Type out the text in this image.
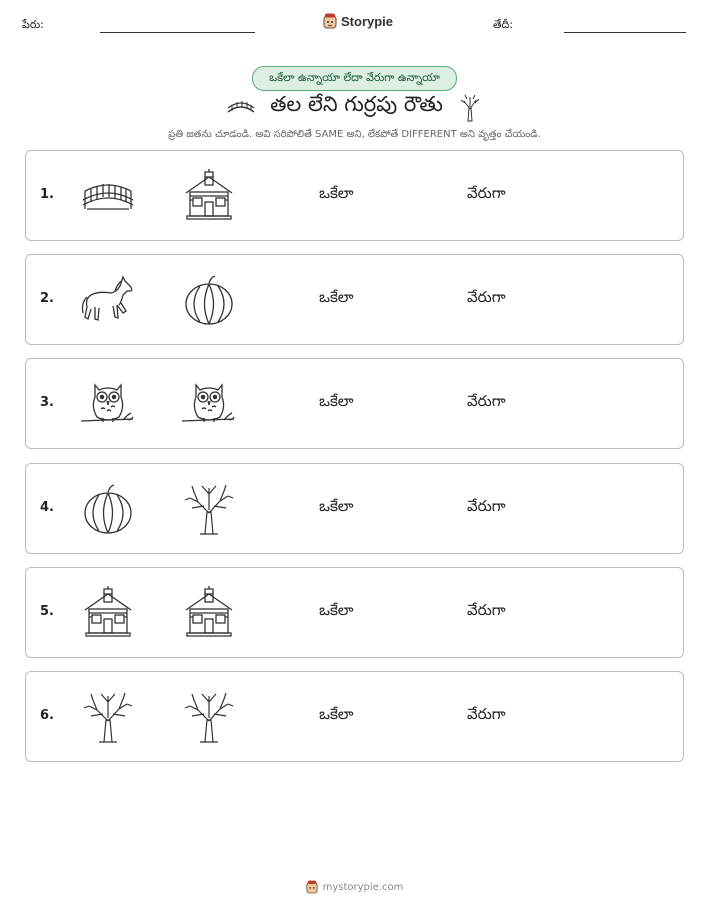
పేరు:	Storypie	తేదీ:
ఒకేలా ఉన్నాయా లేదా వేరుగా ఉన్నాయా
తల లేని గుర్రపు రౌతు
ప్రతి జతను చూడండి. అవి సరిపోలితే SAME అని, లేకపోతే DIFFERENT అని వృత్తం చేయండి.
1.	ఒకేలా	వేరుగా
2.	ఒకేలా	వేరుగా
3.	ఒకేలా	వేరుగా
4.	ఒకేలా	వేరుగా
5.	ఒకేలా	వేరుగా
6.	ఒకేలా	వేరుగా
mystorypie.com
